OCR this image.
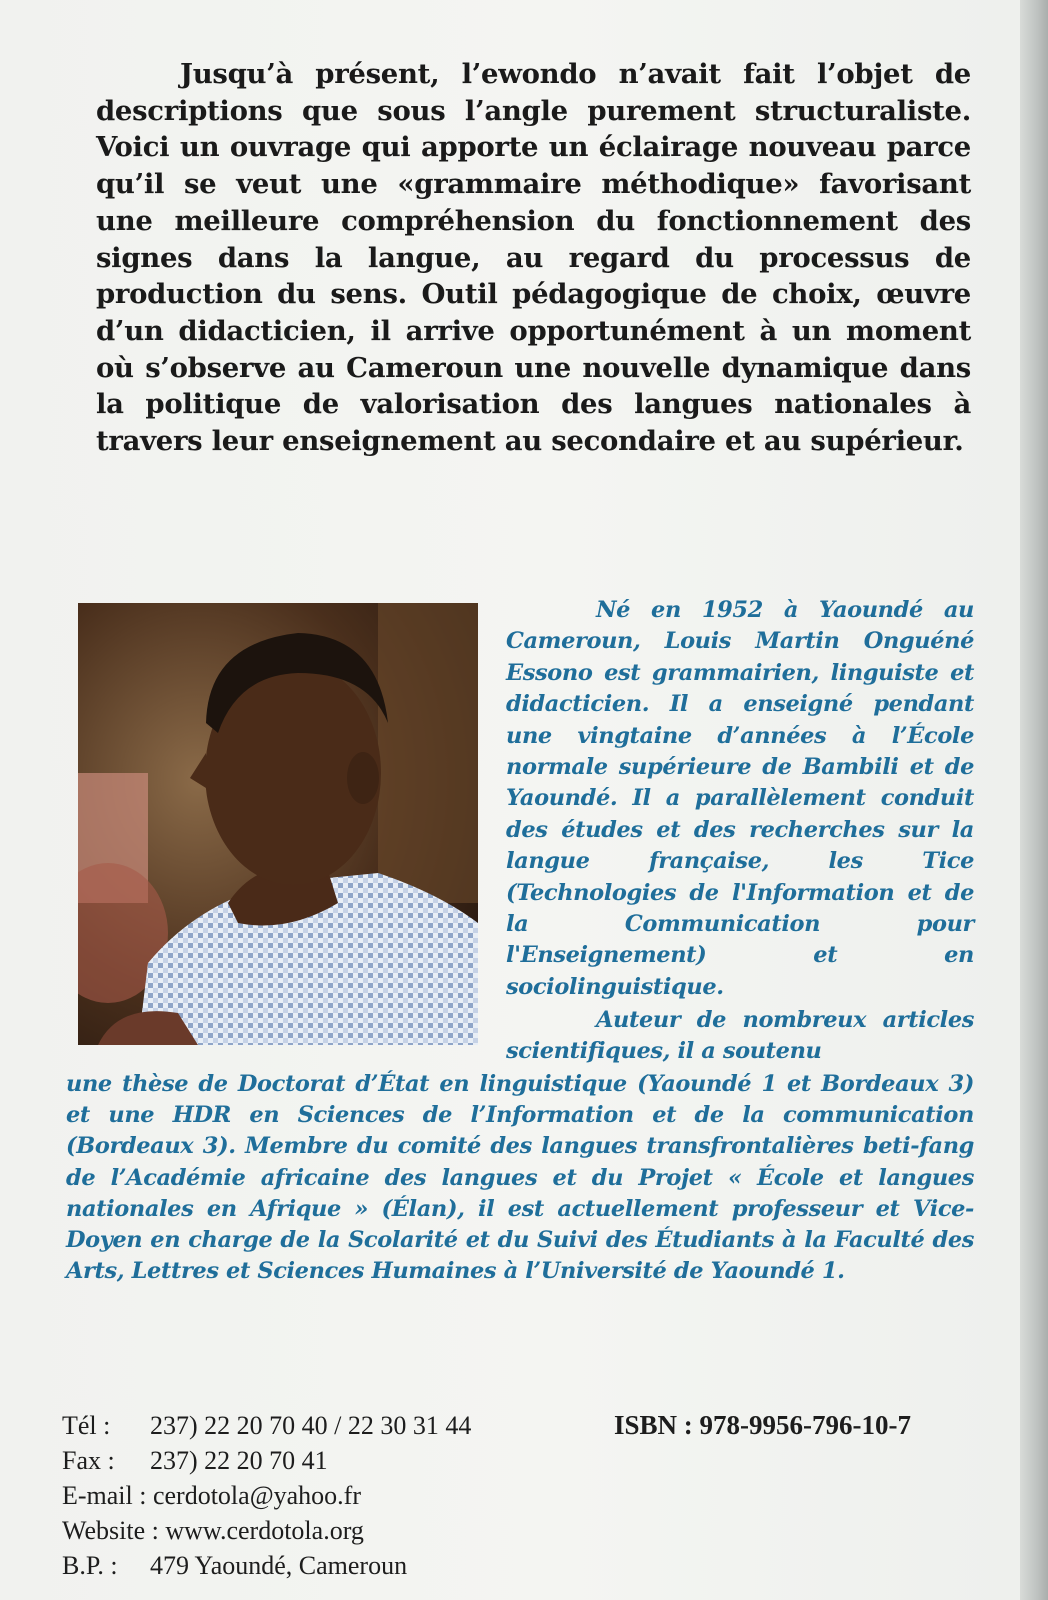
Jusqu’à présent, l’ewondo n’avait fait l’objet de descriptions que sous l’angle purement structuraliste. Voici un ouvrage qui apporte un éclairage nouveau parce qu’il se veut une «grammaire méthodique» favorisant une meilleure compréhension du fonctionnement des signes dans la langue, au regard du processus de production du sens. Outil pédagogique de choix, œuvre d’un didacticien, il arrive opportunément à un moment où s’observe au Cameroun une nouvelle dynamique dans la politique de valorisation des langues nationales à travers leur enseignement au secondaire et au supérieur.

Né en 1952 à Yaoundé au Cameroun, Louis Martin Onguéné Essono est grammairien, linguiste et didacticien. Il a enseigné pendant une vingtaine d’années à l’École normale supérieure de Bambili et de Yaoundé. Il a parallèlement conduit des études et des recherches sur la langue française, les Tice (Technologies de l'Information et de la Communication pour l'Enseignement) et en sociolinguistique.

Auteur de nombreux articles scientifiques, il a soutenu

une thèse de Doctorat d’État en linguistique (Yaoundé 1 et Bordeaux 3) et une HDR en Sciences de l’Information et de la communication (Bordeaux 3). Membre du comité des langues transfrontalières beti-fang de l’Académie africaine des langues et du Projet « École et langues nationales en Afrique » (Élan), il est actuellement professeur et Vice-Doyen en charge de la Scolarité et du Suivi des Étudiants à la Faculté des Arts, Lettres et Sciences Humaines à l’Université de Yaoundé 1.

Tél :	237) 22 20 70 40 / 22 30 31 44
Fax :	237) 22 20 70 41
E-mail : cerdotola@yahoo.fr
Website : www.cerdotola.org
B.P. :	479 Yaoundé, Cameroun
ISBN : 978-9956-796-10-7
